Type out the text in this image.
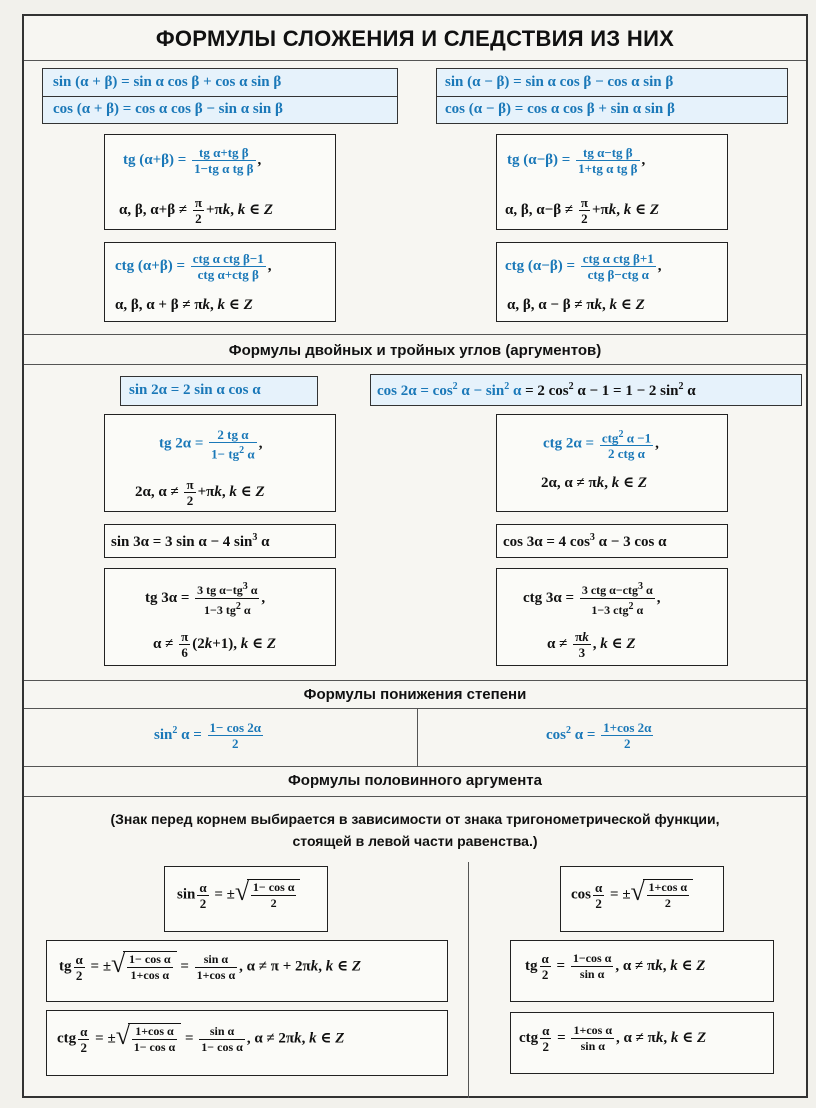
ФОРМУЛЫ СЛОЖЕНИЯ И СЛЕДСТВИЯ ИЗ НИХ
sin (α + β) = sin α cos β + cos α sin β
cos (α + β) = cos α cos β − sin α sin β
sin (α − β) = sin α cos β − cos α sin β
cos (α − β) = cos α cos β + sin α sin β
tg $(\alpha+\beta) = \frac{\text{tg α+tg β}}{\text{1−tg α tg β}}$ ,
α, β, $\alpha+\beta \ne \frac{\pi}{2} +\pi k$, k ∈ Z
tg $(\alpha-\beta) = \frac{\text{tg α−tg β}}{\text{1+tg α tg β}}$ ,
α, β, $\alpha-\beta \ne \frac{\pi}{2} +\pi k$, k ∈ Z
ctg $(\alpha+\beta) = \frac{\text{ctg α ctg β−1}}{\text{ctg α+ctg β}}$ ,
α, β, α + β ≠ πk, k ∈ Z
ctg $(\alpha-\beta) = \frac{\text{ctg α ctg β+1}}{\text{ctg β−ctg α}}$ ,
α, β, α − β ≠ πk, k ∈ Z
Формулы двойных и тройных углов (аргументов)
sin 2α = 2 sin α cos α	$\cos 2\alpha = \cos^2 \alpha - \sin^2 \alpha = 2$ $\cos^2 \alpha - 1 = 1 - 2$ $\sin^2 \alpha$
tg $2\alpha = \frac{\text{2 tg α}}{1- tg^2 \alpha}$ ,
2α, $\alpha \ne \frac{\pi}{2} +\pi k$, k ∈ Z
ctg $2\alpha = \frac{ctg^2 \alpha -1}{\text{2 ctg α}}$ ,
2α, α ≠ πk, k ∈ Z
sin 3α = 3 sin α − 4 $\sin^3 \alpha$	cos 3α = 4 $\cos^3 \alpha - 3$ cos α
tg $3\alpha = \frac{3 tg \alpha-tg^3 \alpha}{1-3 tg^2 \alpha}$ ,
$\alpha \ne \frac{\pi}{6} (2k+1)$, k ∈ Z
ctg $3\alpha = \frac{3 ctg \alpha-ctg^3 \alpha}{1-3 ctg^2 \alpha}$ ,
$\alpha \ne \frac{\pi k}{3}$ , k ∈ Z
Формулы понижения степени
$\sin^2 \alpha = \frac{1- \cos 2\alpha}{2}$	$\cos^2 \alpha = \frac{1+\cos 2\alpha}{2}$
Формулы половинного аргумента
(Знак перед корнем выбирается в зависимости от знака тригонометрической функции,
стоящей в левой части равенства.)
$\sin \frac{\alpha}{2}$ = ± √ $\frac{\text{1− cos α}}{2}$	$\cos \frac{\alpha}{2}$ = ± √ $\frac{\text{1+cos α}}{2}$
tg $\frac{\alpha}{2}$ = ± √ $\frac{\text{1− cos α}}{\text{1+cos α}} = \frac{\text{sin α}}{\text{1+cos α}}$ , α ≠ π + 2πk, k ∈ Z	tg $\frac{\alpha}{2} = \frac{\text{1−cos α}}{\text{sin α}}$ , α ≠ πk, k ∈ Z
ctg $\frac{\alpha}{2}$ = ± √ $\frac{\text{1+cos α}}{\text{1− cos α}} = \frac{\text{sin α}}{\text{1− cos α}}$ , α ≠ 2πk, k ∈ Z	ctg $\frac{\alpha}{2} = \frac{\text{1+cos α}}{\text{sin α}}$ , α ≠ πk, k ∈ Z
